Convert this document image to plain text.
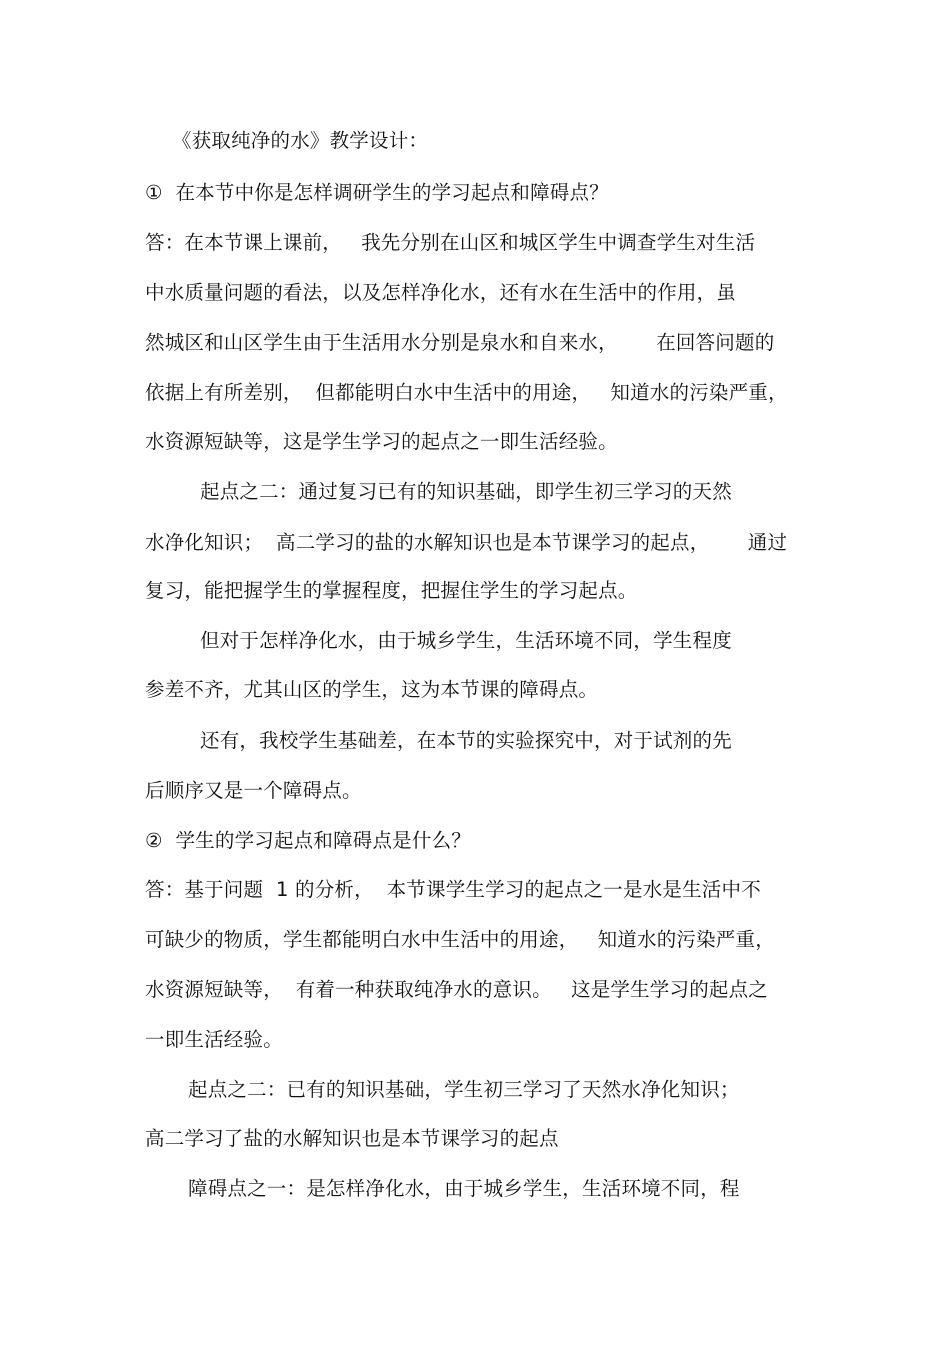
《获取纯净的水》教学设计：
①  在本节中你是怎样调研学生的学习起点和障碍点？
答：在本节课上课前，   我先分别在山区和城区学生中调查学生对生活
中水质量问题的看法，以及怎样净化水，还有水在生活中的作用，虽
然城区和山区学生由于生活用水分别是泉水和自来水，      在回答问题的
依据上有所差别，  但都能明白水中生活中的用途，   知道水的污染严重，
水资源短缺等，这是学生学习的起点之一即生活经验。
起点之二：通过复习已有的知识基础，即学生初三学习的天然
水净化知识；  高二学习的盐的水解知识也是本节课学习的起点，      通过
复习，能把握学生的掌握程度，把握住学生的学习起点。
但对于怎样净化水，由于城乡学生，生活环境不同，学生程度
参差不齐，尤其山区的学生，这为本节课的障碍点。
还有，我校学生基础差，在本节的实验探究中，对于试剂的先
后顺序又是一个障碍点。
②  学生的学习起点和障碍点是什么？
答：基于问题  1 的分析，  本节课学生学习的起点之一是水是生活中不
可缺少的物质，学生都能明白水中生活中的用途，   知道水的污染严重，
水资源短缺等，  有着一种获取纯净水的意识。   这是学生学习的起点之
一即生活经验。
起点之二：已有的知识基础，学生初三学习了天然水净化知识；
高二学习了盐的水解知识也是本节课学习的起点
障碍点之一：是怎样净化水，由于城乡学生，生活环境不同，程
